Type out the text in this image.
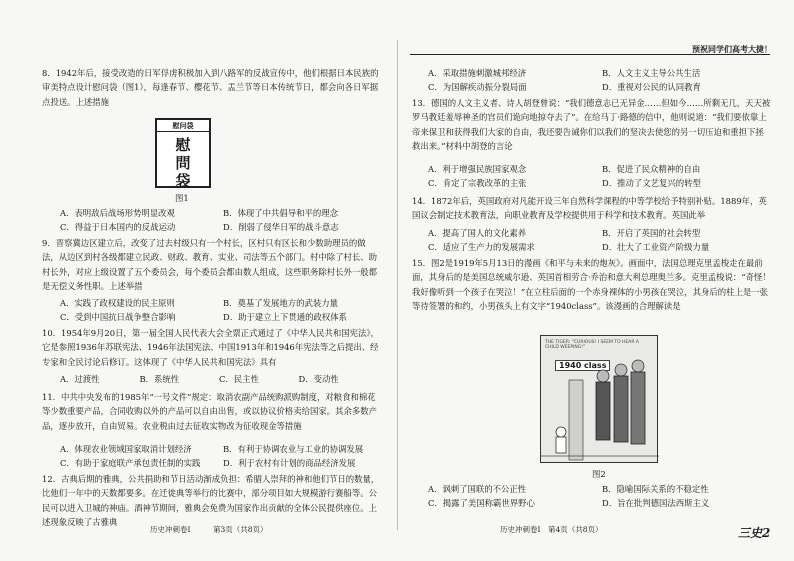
预祝同学们高考大捷！

8．1942年后，接受改造的日军俘虏积极加入到八路军的反战宣传中，他们根据日本民族的审美特点设计慰问袋（图1），每逢春节、樱花节、盂兰节等日本传统节日，都会向各日军据点投送。上述措施

慰问袋
慰
問
袋
图1
A．表明敌后战场形势明显改观	B．体现了中共倡导和平的理念
C．得益于日本国内的反战运动	D．削弱了侵华日军的战斗意志

9．晋察冀边区建立后，改变了过去村级只有一个村长，区村只有区长和少数助理员的做法，从边区到村各级都建立民政、财政、教育、实业、司法等五个部门。村中除了村长、助村长外，对应上级设置了五个委员会，每个委员会都由数人组成，这些职务除村长外一般都是无偿义务性职。上述举措

A．实践了政权建设的民主原则	B．奠基了发展地方的武装力量
C．受到中国抗日战争整合影响	D．助于建立上下贯通的政权体系

10．1954年9月20日，第一届全国人民代表大会全票正式通过了《中华人民共和国宪法》，它是参照1936年苏联宪法、1946年法国宪法、中国1913年和1946年宪法等之后提出、经专家和全民讨论后修订。这体现了《中华人民共和国宪法》具有

A．过渡性	B．系统性	C．民主性	D．变动性

11．中共中央发布的1985年“一号文件”规定：取消农副产品统购派购制度，对粮食和棉花等少数重要产品，合同收购以外的产品可以自由出售，或以协议价格卖给国家。其余多数产品，逐步放开，自由贸易。农业税由过去征收实物改为征收现金等措施

A．体现农业领域国家取消计划经济	B．有利于协调农业与工业的协调发展
C．有助于家庭联产承包责任制的实践	D．利于农村有计划的商品经济发展

12．古典后期的雅典，公共捐助和节日活动渐成负担：希腊人崇拜的神和他们节日的数量，比他们一年中的天数都要多。在迁徙典等举行的比赛中，部分项目如大规模游行赛船等。公民可以进入卫城的神庙。酒神节期间，雅典会免费为国家作出贡献的全体公民提供座位。上述现象反映了古雅典

历史冲刺卷Ⅰ　　　第3页（共8页）
A．采取措施刺激城邦经济	B．人文主义主导公共生活
C．为国解疾动振分裂局面	D．重视对公民的认同教育

13．德国的人文主义者、诗人胡登曾说：“我们德意志已无异金……但如今……所剩无几，天天被罗马教廷羞辱神圣的宫员们诡向地掠夺去了”。在给马丁·路德的信中，他则说道：“我们要依靠上帝来保卫和获得我们大家的自由，我还要告诫你们以我们的坚决去使您的另一切压迫和重担下拯救出来。”材料中胡登的言论

A．利于增强民族国家观念	B．促进了民众精神的自由
C．肯定了宗教改革的主张	D．推动了文艺复兴的转型

14．1872年后，英国政府对凡能开设三年自然科学课程的中等学校给予特别补贴。1889年，英国议会制定技术教育法，向职业教育及学校提供用于科学和技术教育。英国此举

A．提高了国人的文化素养	B．开启了英国的社会转型
C．适应了生产力的发展需求	D．壮大了工业资产阶级力量

15．图2是1919年5月13日的漫画《和平与未来的炮灰》。画面中，法国总理克里孟梭走在最前面，其身后的是美国总统威尔逊、英国首相劳合·乔治和意大利总理奥兰多。克里孟梭说：“奇怪！我好像听到一个孩子在哭泣！”在立柱后面的一个赤身裸体的小男孩在哭泣，其身后的柱上是一张等待签署的和约，小男孩头上有文字“1940class”。该漫画的合理解读是

THE TIGER: “CURIOUS! I SEEM TO HEAR A CHILD WEEPING!”
1940 class
图2
A．讽刺了国联的不公正性	B．隐喻国际关系的不稳定性
C．揭露了美国称霸世界野心	D．旨在批判德国法西斯主义
历史冲刺卷Ⅰ　第4页（共8页）	三史2
